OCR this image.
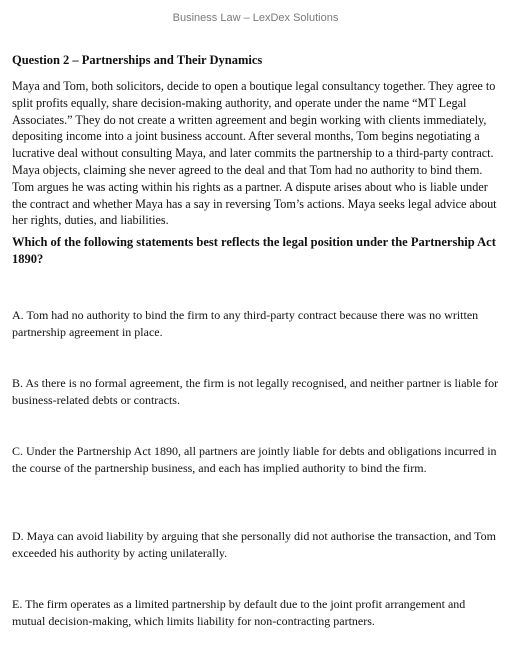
Business Law – LexDex Solutions

Question 2 – Partnerships and Their Dynamics

Maya and Tom, both solicitors, decide to open a boutique legal consultancy together. They agree to split profits equally, share decision-making authority, and operate under the name “MT Legal Associates.” They do not create a written agreement and begin working with clients immediately, depositing income into a joint business account. After several months, Tom begins negotiating a lucrative deal without consulting Maya, and later commits the partnership to a third-party contract. Maya objects, claiming she never agreed to the deal and that Tom had no authority to bind them. Tom argues he was acting within his rights as a partner. A dispute arises about who is liable under the contract and whether Maya has a say in reversing Tom’s actions. Maya seeks legal advice about her rights, duties, and liabilities.

Which of the following statements best reflects the legal position under the Partnership Act 1890?

A. Tom had no authority to bind the firm to any third-party contract because there was no written partnership agreement in place.

B. As there is no formal agreement, the firm is not legally recognised, and neither partner is liable for business-related debts or contracts.

C. Under the Partnership Act 1890, all partners are jointly liable for debts and obligations incurred in the course of the partnership business, and each has implied authority to bind the firm.

D. Maya can avoid liability by arguing that she personally did not authorise the transaction, and Tom exceeded his authority by acting unilaterally.

E. The firm operates as a limited partnership by default due to the joint profit arrangement and mutual decision-making, which limits liability for non-contracting partners.
